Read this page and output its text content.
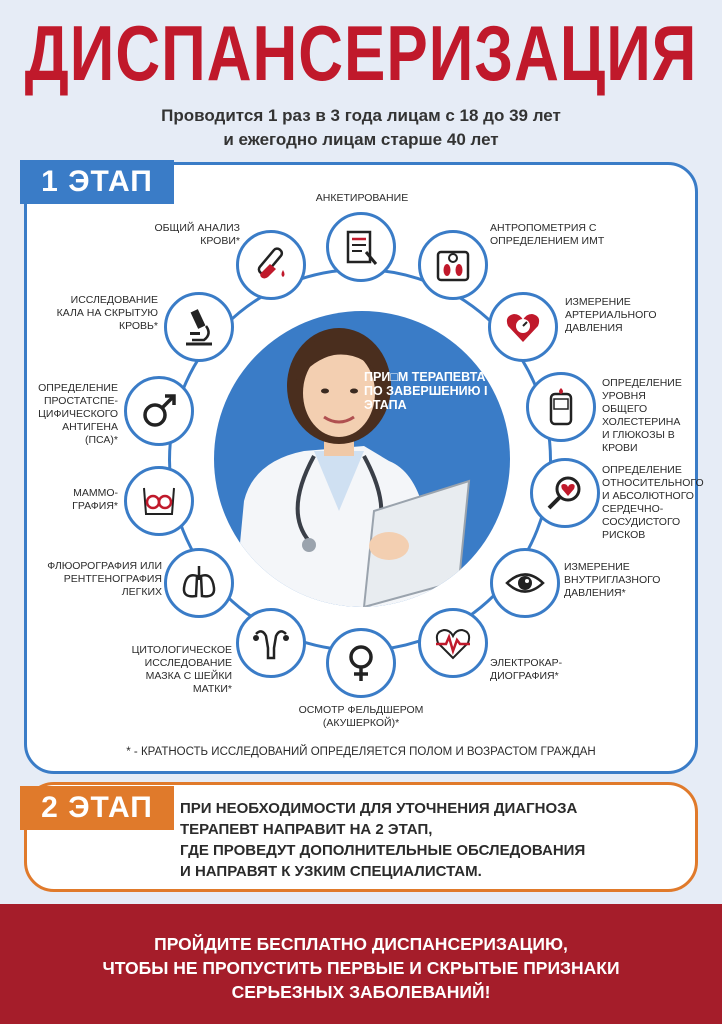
ДИСПАНСЕРИЗАЦИЯ
Проводится 1 раз в 3 года лицам с 18 до 39 лет
и ежегодно лицам старше 40 лет
1 ЭТАП
ПРИ□М ТЕРАПЕВТА ПО ЗАВЕРШЕНИЮ I ЭТАПА
АНКЕТИРОВАНИЕ
АНТРОПОМЕТРИЯ С ОПРЕДЕЛЕНИЕМ ИМТ
ИЗМЕРЕНИЕ АРТЕРИАЛЬНОГО ДАВЛЕНИЯ
ОПРЕДЕЛЕНИЕ УРОВНЯ ОБЩЕГО ХОЛЕСТЕРИНА И ГЛЮКОЗЫ В КРОВИ
ОПРЕДЕЛЕНИЕ ОТНОСИТЕЛЬНОГО И АБСОЛЮТНОГО СЕРДЕЧНО-СОСУДИСТОГО РИСКОВ
ИЗМЕРЕНИЕ ВНУТРИГЛАЗНОГО ДАВЛЕНИЯ*
ЭЛЕКТРОКАР-ДИОГРАФИЯ*
ОСМОТР ФЕЛЬДШЕРОМ (АКУШЕРКОЙ)*
ЦИТОЛОГИЧЕСКОЕ ИССЛЕДОВАНИЕ МАЗКА С ШЕЙКИ МАТКИ*
ФЛЮОРОГРАФИЯ ИЛИ РЕНТГЕНОГРАФИЯ ЛЕГКИХ
МАММО-ГРАФИЯ*
ОПРЕДЕЛЕНИЕ ПРОСТАТСПЕ-ЦИФИЧЕСКОГО АНТИГЕНА (ПСА)*
ИССЛЕДОВАНИЕ КАЛА НА СКРЫТУЮ КРОВЬ*
ОБЩИЙ АНАЛИЗ КРОВИ*
* - КРАТНОСТЬ ИССЛЕДОВАНИЙ ОПРЕДЕЛЯЕТСЯ ПОЛОМ И ВОЗРАСТОМ ГРАЖДАН
2 ЭТАП	ПРИ НЕОБХОДИМОСТИ ДЛЯ УТОЧНЕНИЯ ДИАГНОЗА
ТЕРАПЕВТ НАПРАВИТ НА 2 ЭТАП,
ГДЕ ПРОВЕДУТ ДОПОЛНИТЕЛЬНЫЕ ОБСЛЕДОВАНИЯ
И НАПРАВЯТ К УЗКИМ СПЕЦИАЛИСТАМ.
ПРОЙДИТЕ БЕСПЛАТНО ДИСПАНСЕРИЗАЦИЮ,
ЧТОБЫ НЕ ПРОПУСТИТЬ ПЕРВЫЕ И СКРЫТЫЕ ПРИЗНАКИ
СЕРЬЕЗНЫХ ЗАБОЛЕВАНИЙ!
